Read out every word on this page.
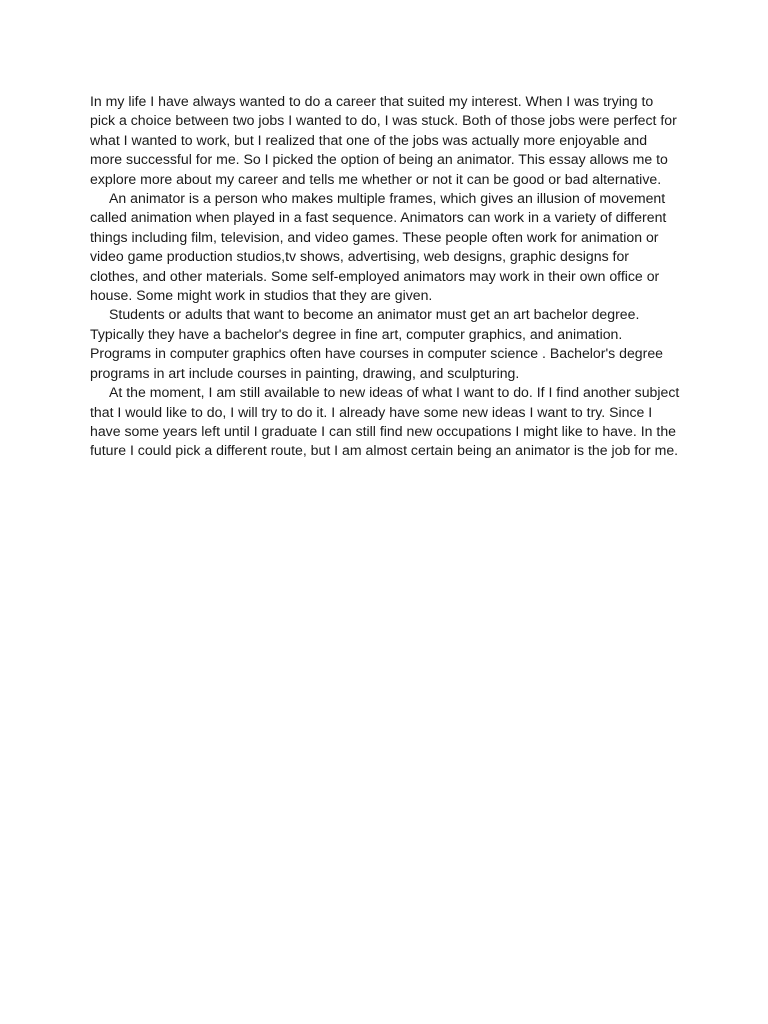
In my life I have always wanted to do a career that suited my interest. When I was trying to pick a choice between two jobs I wanted to do, I was stuck. Both of those jobs were perfect for what I wanted to work, but I realized that one of the jobs was actually more enjoyable and more successful for me. So I picked the option of being an animator. This essay allows me to explore more about my career and tells me whether or not it can be good or bad alternative.

An animator is a person who makes multiple frames, which gives an illusion of movement called animation when played in a fast sequence. Animators can work in a variety of different things including film, television, and video games. These people often work for animation or video game production studios,tv shows, advertising, web designs, graphic designs for clothes, and other materials. Some self-employed animators may work in their own office or house. Some might work in studios that they are given.

Students or adults that want to become an animator must get an art bachelor degree. Typically they have a bachelor's degree in fine art, computer graphics, and animation. Programs in computer graphics often have courses in computer science . Bachelor's degree programs in art include courses in painting, drawing, and sculpturing.

At the moment, I am still available to new ideas of what I want to do. If I find another subject that I would like to do, I will try to do it. I already have some new ideas I want to try. Since I have some years left until I graduate I can still find new occupations I might like to have. In the future I could pick a different route, but I am almost certain being an animator is the job for me.
